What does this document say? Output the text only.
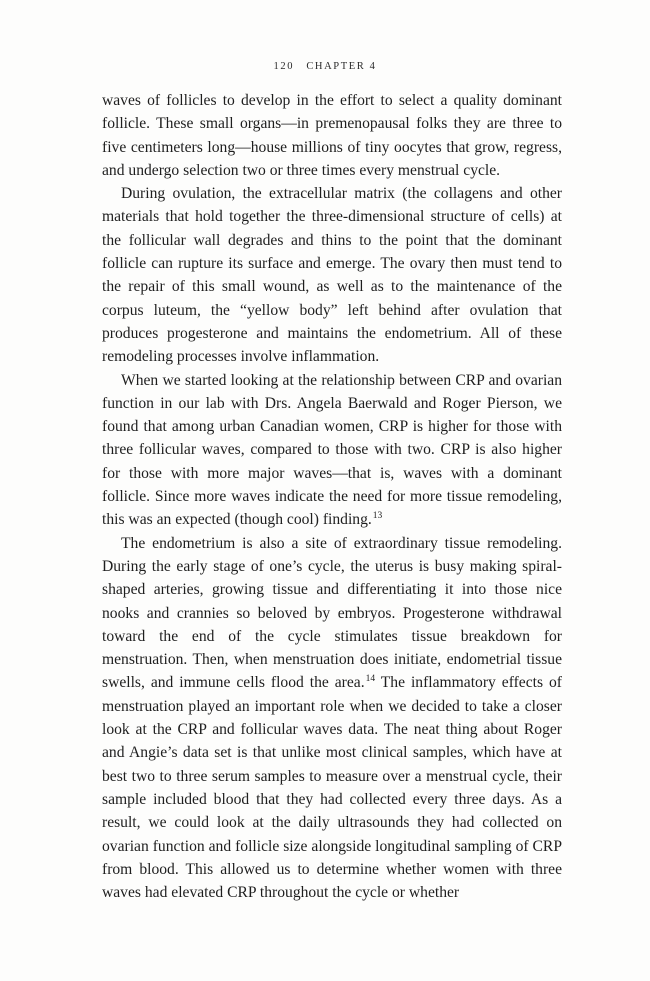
120 CHAPTER 4

waves of follicles to develop in the effort to select a quality dominant follicle. These small organs—in premenopausal folks they are three to five centimeters long—house millions of tiny oocytes that grow, regress, and undergo selection two or three times every menstrual cycle.

During ovulation, the extracellular matrix (the collagens and other materials that hold together the three-dimensional structure of cells) at the follicular wall degrades and thins to the point that the dominant follicle can rupture its surface and emerge. The ovary then must tend to the repair of this small wound, as well as to the maintenance of the corpus luteum, the “yellow body” left behind after ovulation that produces progesterone and maintains the endometrium. All of these remodeling processes involve inflammation.

When we started looking at the relationship between CRP and ovarian function in our lab with Drs. Angela Baerwald and Roger Pierson, we found that among urban Canadian women, CRP is higher for those with three follicular waves, compared to those with two. CRP is also higher for those with more major waves—that is, waves with a dominant follicle. Since more waves indicate the need for more tissue remodeling, this was an expected (though cool) finding.$^{13}$

The endometrium is also a site of extraordinary tissue remodeling. During the early stage of one’s cycle, the uterus is busy making spiral-shaped arteries, growing tissue and differentiating it into those nice nooks and crannies so beloved by embryos. Progesterone withdrawal toward the end of the cycle stimulates tissue breakdown for menstruation. Then, when menstruation does initiate, endometrial tissue swells, and immune cells flood the area.$^{14}$ The inflammatory effects of menstruation played an important role when we decided to take a closer look at the CRP and follicular waves data. The neat thing about Roger and Angie’s data set is that unlike most clinical samples, which have at best two to three serum samples to measure over a menstrual cycle, their sample included blood that they had collected every three days. As a result, we could look at the daily ultrasounds they had collected on ovarian function and follicle size alongside longitudinal sampling of CRP from blood. This allowed us to determine whether women with three waves had elevated CRP throughout the cycle or whether
